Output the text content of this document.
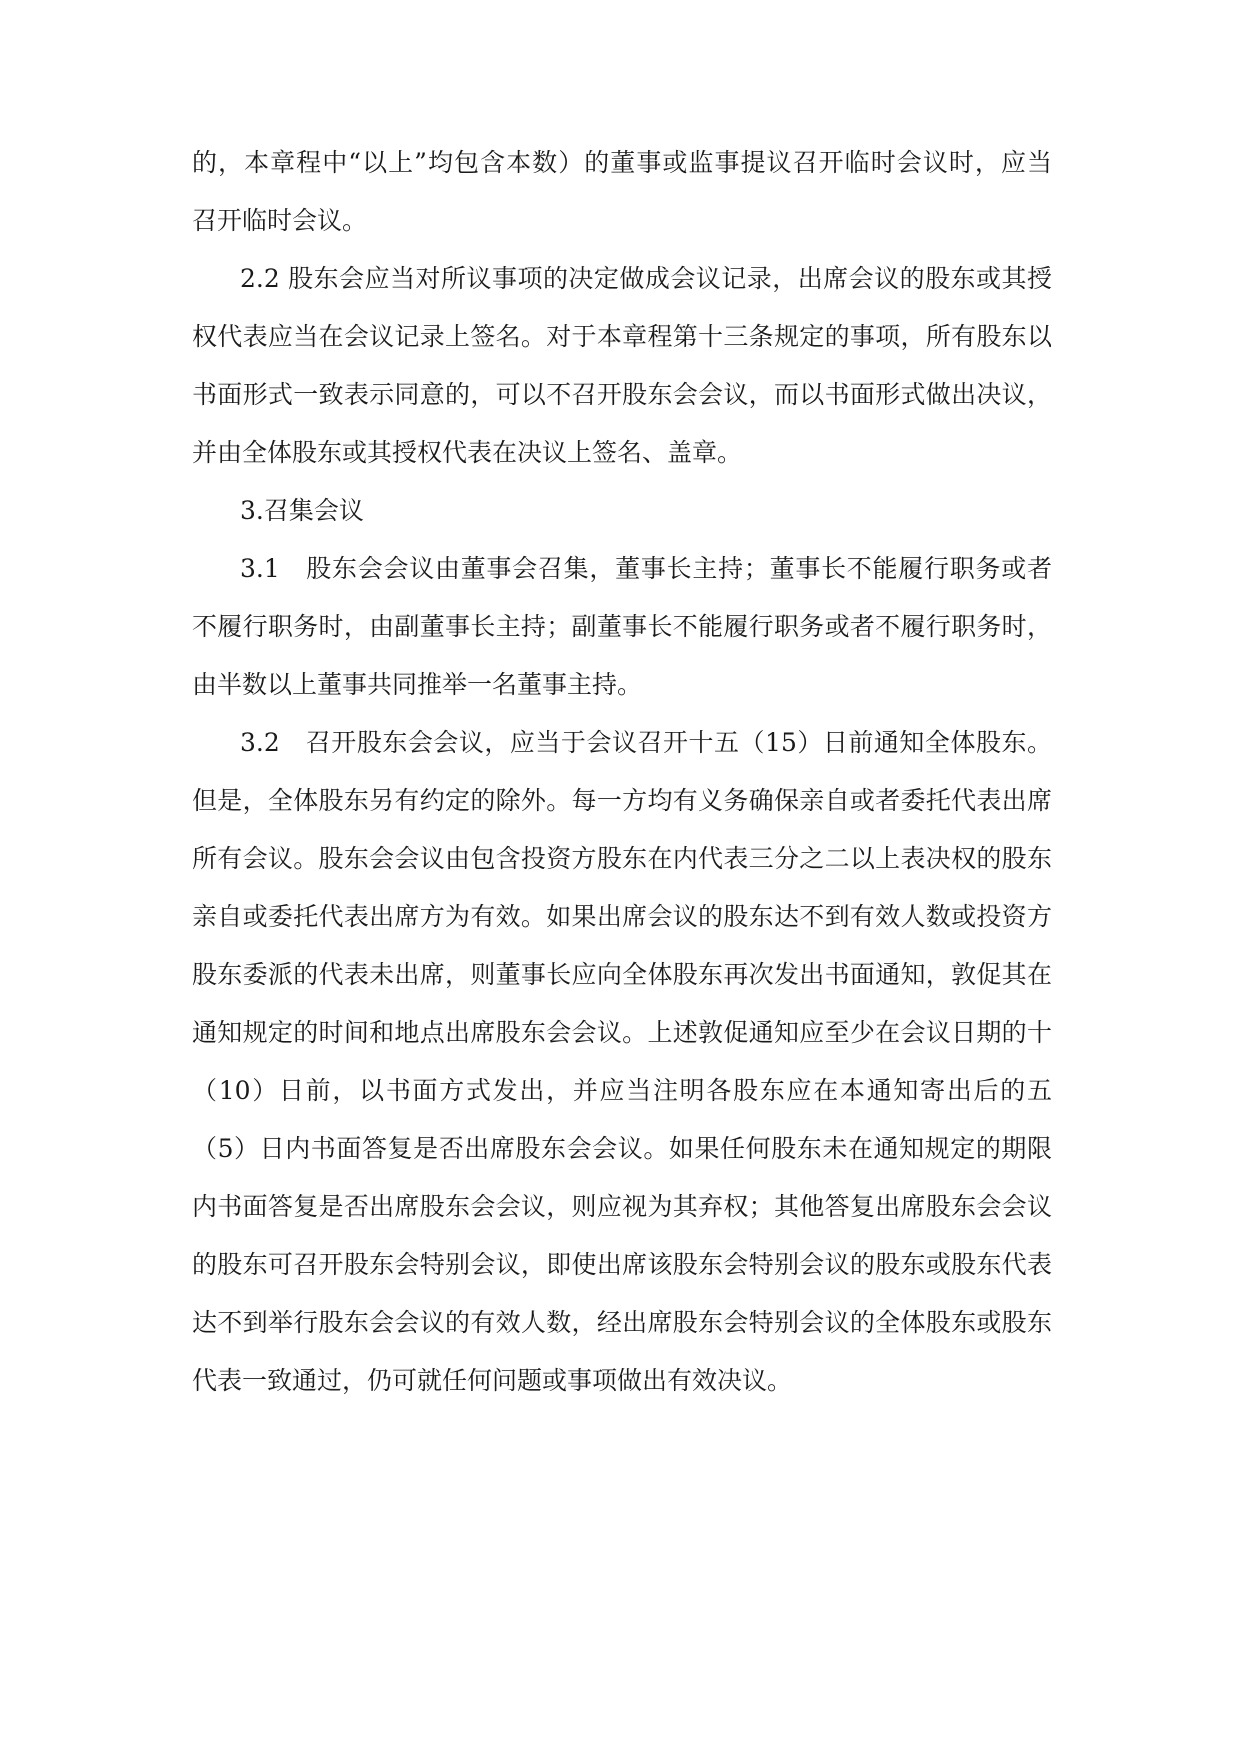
的，本章程中“以上”均包含本数）的董事或监事提议召开临时会议时，应当
召开临时会议。
2.2 股东会应当对所议事项的决定做成会议记录，出席会议的股东或其授
权代表应当在会议记录上签名。对于本章程第十三条规定的事项，所有股东以
书面形式一致表示同意的，可以不召开股东会会议，而以书面形式做出决议，
并由全体股东或其授权代表在决议上签名、盖章。
3.召集会议
3.1　股东会会议由董事会召集，董事长主持；董事长不能履行职务或者
不履行职务时，由副董事长主持；副董事长不能履行职务或者不履行职务时，
由半数以上董事共同推举一名董事主持。
3.2　召开股东会会议，应当于会议召开十五（15）日前通知全体股东。
但是，全体股东另有约定的除外。每一方均有义务确保亲自或者委托代表出席
所有会议。股东会会议由包含投资方股东在内代表三分之二以上表决权的股东
亲自或委托代表出席方为有效。如果出席会议的股东达不到有效人数或投资方
股东委派的代表未出席，则董事长应向全体股东再次发出书面通知，敦促其在
通知规定的时间和地点出席股东会会议。上述敦促通知应至少在会议日期的十
（10）日前，以书面方式发出，并应当注明各股东应在本通知寄出后的五
（5）日内书面答复是否出席股东会会议。如果任何股东未在通知规定的期限
内书面答复是否出席股东会会议，则应视为其弃权；其他答复出席股东会会议
的股东可召开股东会特别会议，即使出席该股东会特别会议的股东或股东代表
达不到举行股东会会议的有效人数，经出席股东会特别会议的全体股东或股东
代表一致通过，仍可就任何问题或事项做出有效决议。
